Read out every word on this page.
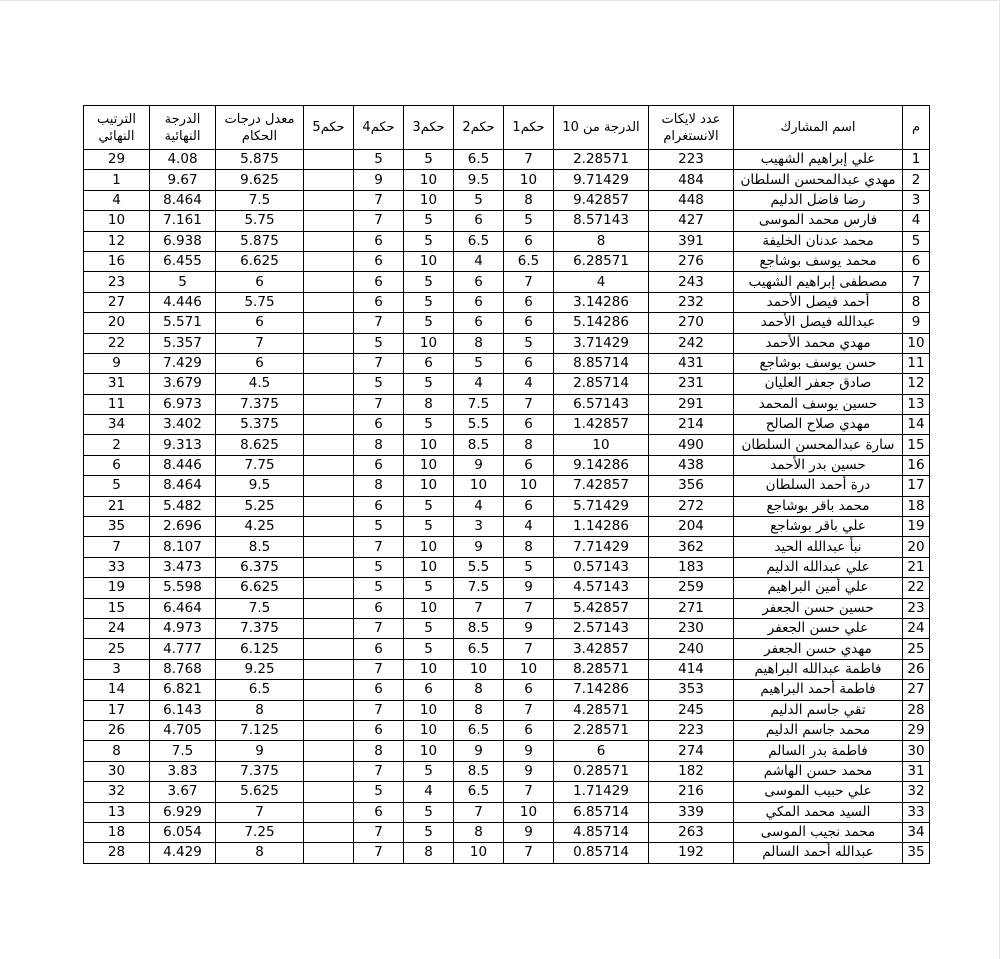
م	اسم المشارك	عدد لايكات الانستغرام	الدرجة من 10	حكم1	حكم2	حكم3	حكم4	حكم5	معدل درجات الحكام	الدرجة النهائية	الترتيب النهائي
1	علي إبراهيم الشهيب	223	2.28571	7	6.5	5	5		5.875	4.08	29
2	مهدي عبدالمحسن السلطان	484	9.71429	10	9.5	10	9		9.625	9.67	1
3	رضا فاضل الدليم	448	9.42857	8	5	10	7		7.5	8.464	4
4	فارس محمد الموسى	427	8.57143	5	6	5	7		5.75	7.161	10
5	محمد عدنان الخليفة	391	8	6	6.5	5	6		5.875	6.938	12
6	محمد يوسف بوشاجع	276	6.28571	6.5	4	10	6		6.625	6.455	16
7	مصطفى إبراهيم الشهيب	243	4	7	6	5	6		6	5	23
8	أحمد فيصل الأحمد	232	3.14286	6	6	5	6		5.75	4.446	27
9	عبدالله فيصل الأحمد	270	5.14286	6	6	5	7		6	5.571	20
10	مهدي محمد الأحمد	242	3.71429	5	8	10	5		7	5.357	22
11	حسن يوسف بوشاجع	431	8.85714	6	5	6	7		6	7.429	9
12	صادق جعفر العليان	231	2.85714	4	4	5	5		4.5	3.679	31
13	حسين يوسف المحمد	291	6.57143	7	7.5	8	7		7.375	6.973	11
14	مهدي صلاح الصالح	214	1.42857	6	5.5	5	6		5.375	3.402	34
15	سارة عبدالمحسن السلطان	490	10	8	8.5	10	8		8.625	9.313	2
16	حسين بدر الأحمد	438	9.14286	6	9	10	6		7.75	8.446	6
17	درة أحمد السلطان	356	7.42857	10	10	10	8		9.5	8.464	5
18	محمد باقر بوشاجع	272	5.71429	6	4	5	6		5.25	5.482	21
19	علي باقر بوشاجع	204	1.14286	4	3	5	5		4.25	2.696	35
20	نبأ عبدالله الحيد	362	7.71429	8	9	10	7		8.5	8.107	7
21	علي عبدالله الدليم	183	0.57143	5	5.5	10	5		6.375	3.473	33
22	علي أمين البراهيم	259	4.57143	9	7.5	5	5		6.625	5.598	19
23	حسين حسن الجعفر	271	5.42857	7	7	10	6		7.5	6.464	15
24	علي حسن الجعفر	230	2.57143	9	8.5	5	7		7.375	4.973	24
25	مهدي حسن الجعفر	240	3.42857	7	6.5	5	6		6.125	4.777	25
26	فاطمة عبدالله البراهيم	414	8.28571	10	10	10	7		9.25	8.768	3
27	فاطمة أحمد البراهيم	353	7.14286	6	8	6	6		6.5	6.821	14
28	تقي جاسم الدليم	245	4.28571	7	8	10	7		8	6.143	17
29	محمد جاسم الدليم	223	2.28571	6	6.5	10	6		7.125	4.705	26
30	فاطمة بدر السالم	274	6	9	9	10	8		9	7.5	8
31	محمد حسن الهاشم	182	0.28571	9	8.5	5	7		7.375	3.83	30
32	علي حبيب الموسى	216	1.71429	7	6.5	4	5		5.625	3.67	32
33	السيد محمد المكي	339	6.85714	10	7	5	6		7	6.929	13
34	محمد نجيب الموسى	263	4.85714	9	8	5	7		7.25	6.054	18
35	عبدالله أحمد السالم	192	0.85714	7	10	8	7		8	4.429	28
